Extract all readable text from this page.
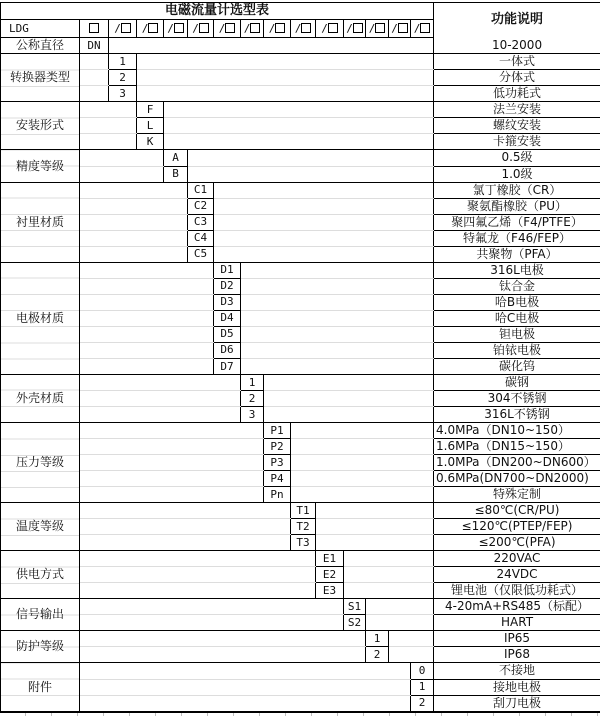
电磁流量计选型表															功能说明
LDG		/	/	/	/	/	/	/	/	/	/	/	/	/	
公称直径	DN														10-2000
转换器类型		1													一体式
		2													分体式
		3													低功耗式
安装形式			F												法兰安装
			L												螺纹安装
			K												卡箍安装
精度等级				A											0.5级
				B											1.0级
衬里材质					C1										氯丁橡胶（CR）
					C2										聚氨酯橡胶（PU）
					C3										聚四氟乙烯（F4/PTFE）
					C4										特氟龙（F46/FEP）
					C5										共聚物（PFA）
电极材质						D1									316L电极
						D2									钛合金
						D3									哈B电极
						D4									哈C电极
						D5									钽电极
						D6									铂铱电极
						D7									碳化钨
外壳材质							1								碳钢
							2								304不锈钢
							3								316L不锈钢
压力等级								P1							4.0MPa（DN10~150）
								P2							1.6MPa（DN15~150）
								P3							1.0MPa（DN200~DN600）
								P4							0.6MPa(DN700~DN2000)
								Pn							特殊定制
温度等级									T1						≤80℃(CR/PU)
									T2						≤120℃(PTEP/FEP)
									T3						≤200℃(PFA)
供电方式										E1					220VAC
										E2					24VDC
										E3					锂电池（仅限低功耗式）
信号输出											S1				4-20mA+RS485（标配）
											S2				HART
防护等级												1			IP65
												2			IP68
附件														0	不接地
														1	接地电极
														2	刮刀电极
